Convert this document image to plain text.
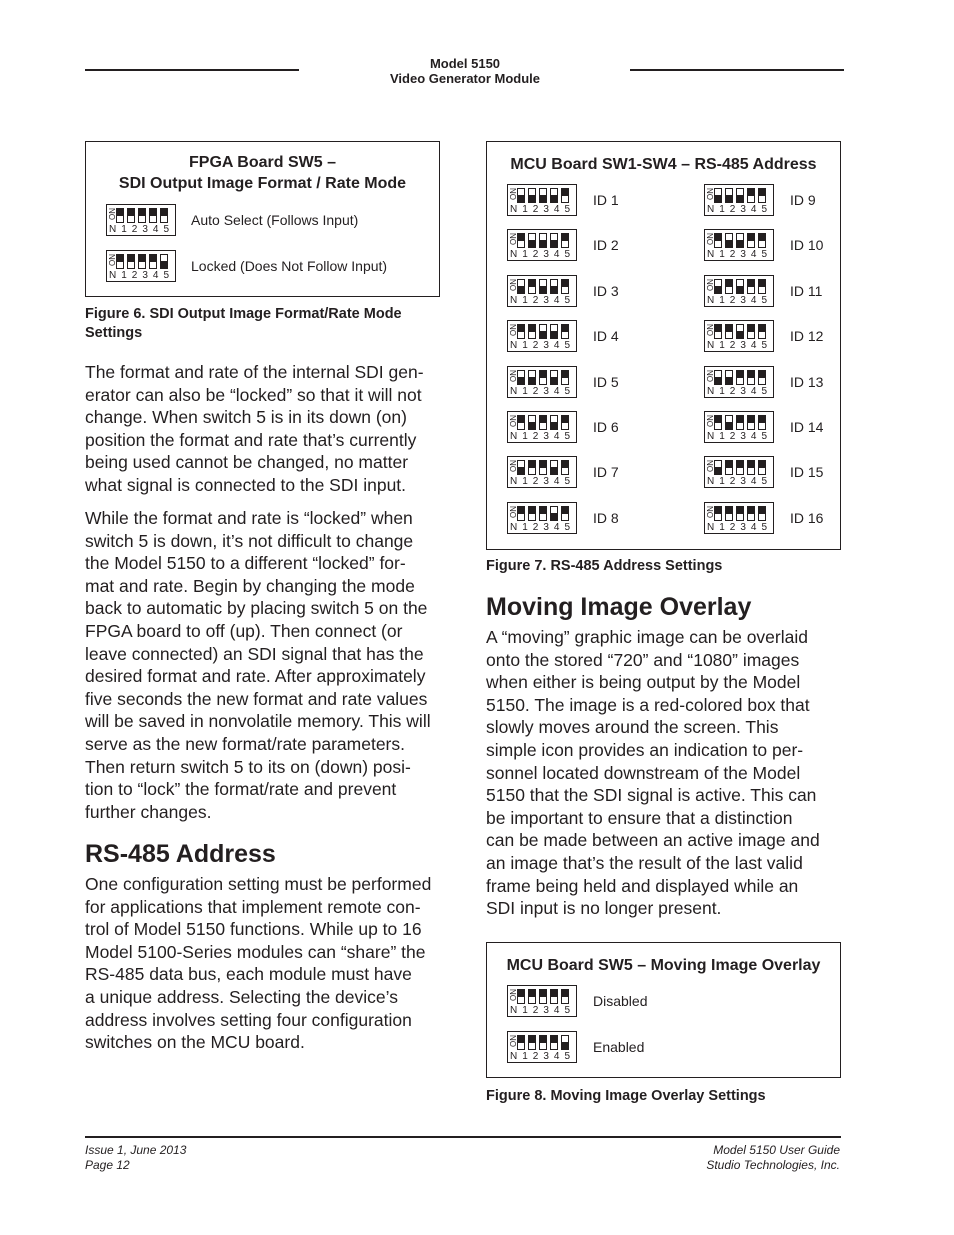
Model 5150
Video Generator Module
FPGA Board SW5 –
SDI Output Image Format / Rate Mode
ON
N 1 2 3 4 5
Auto Select (Follows Input)
ON
N 1 2 3 4 5
Locked (Does Not Follow Input)
Figure 6. SDI Output Image Format/Rate Mode
Settings
The format and rate of the internal SDI gen-
erator can also be “locked” so that it will not
change. When switch 5 is in its down (on)
position the format and rate that’s currently
being used cannot be changed, no matter
what signal is connected to the SDI input.
While the format and rate is “locked” when
switch 5 is down, it’s not difficult to change
the Model 5150 to a different “locked” for-
mat and rate. Begin by changing the mode
back to automatic by placing switch 5 on the
FPGA board to off (up). Then connect (or
leave connected) an SDI signal that has the
desired format and rate. After approximately
five seconds the new format and rate values
will be saved in nonvolatile memory. This will
serve as the new format/rate parameters.
Then return switch 5 to its on (down) posi-
tion to “lock” the format/rate and prevent
further changes.
RS-485 Address
One configuration setting must be performed
for applications that implement remote con-
trol of Model 5150 functions. While up to 16
Model 5100-Series modules can “share” the
RS-485 data bus, each module must have
a unique address. Selecting the device’s
address involves setting four configuration
switches on the MCU board.
MCU Board SW1-SW4 – RS-485 Address
ON
N 1 2 3 4 5
ID 1	ON
N 1 2 3 4 5
ID 9
ON
N 1 2 3 4 5
ID 2	ON
N 1 2 3 4 5
ID 10
ON
N 1 2 3 4 5
ID 3	ON
N 1 2 3 4 5
ID 11
ON
N 1 2 3 4 5
ID 4	ON
N 1 2 3 4 5
ID 12
ON
N 1 2 3 4 5
ID 5	ON
N 1 2 3 4 5
ID 13
ON
N 1 2 3 4 5
ID 6	ON
N 1 2 3 4 5
ID 14
ON
N 1 2 3 4 5
ID 7	ON
N 1 2 3 4 5
ID 15
ON
N 1 2 3 4 5
ID 8	ON
N 1 2 3 4 5
ID 16
Figure 7. RS-485 Address Settings
Moving Image Overlay
A “moving” graphic image can be overlaid
onto the stored “720” and “1080” images
when either is being output by the Model
5150. The image is a red-colored box that
slowly moves around the screen. This
simple icon provides an indication to per-
sonnel located downstream of the Model
5150 that the SDI signal is active. This can
be important to ensure that a distinction
can be made between an active image and
an image that’s the result of the last valid
frame being held and displayed while an
SDI input is no longer present.
MCU Board SW5 – Moving Image Overlay
ON
N 1 2 3 4 5
Disabled
ON
N 1 2 3 4 5
Enabled
Figure 8. Moving Image Overlay Settings
Issue 1, June 2013
Page 12
Model 5150 User Guide
Studio Technologies, Inc.
